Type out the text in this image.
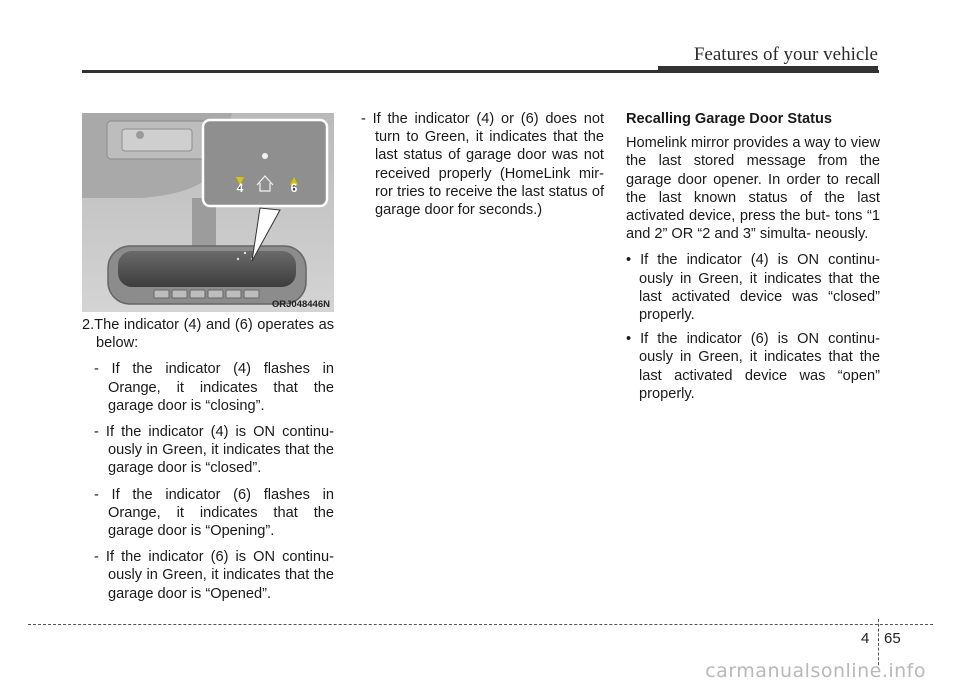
Features of your vehicle
4	6
ORJ048446N

2.The indicator (4) and (6) operates as below:

- If the indicator (4) flashes in Orange, it indicates that the garage door is “closing”.

- If the indicator (4) is ON continu- ously in Green, it indicates that the garage door is “closed”.

- If the indicator (6) flashes in Orange, it indicates that the garage door is “Opening”.

- If the indicator (6) is ON continu- ously in Green, it indicates that the garage door is “Opened”.

- If the indicator (4) or (6) does not turn to Green, it indicates that the last status of garage door was not received properly (HomeLink mir- ror tries to receive the last status of garage door for seconds.)

Recalling Garage Door Status

Homelink mirror provides a way to view the last stored message from the garage door opener. In order to recall the last known status of the last activated device, press the but- tons “1 and 2” OR “2 and 3” simulta- neously.

• If the indicator (4) is ON continu- ously in Green, it indicates that the last activated device was “closed” properly.

• If the indicator (6) is ON continu- ously in Green, it indicates that the last activated device was “open” properly.

4 65
carmanualsonline.info
